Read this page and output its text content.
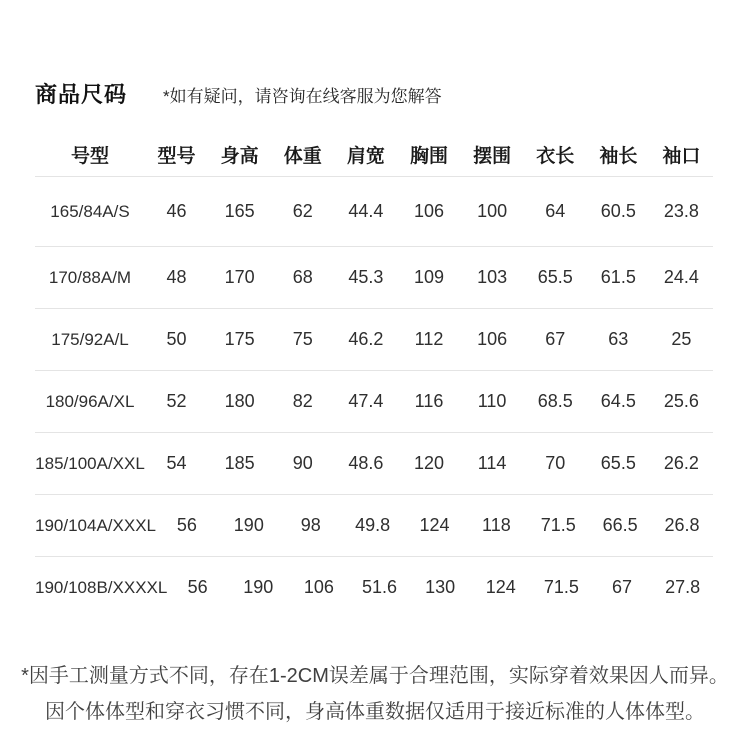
商品尺码 *如有疑问，请咨询在线客服为您解答
号型	型号	身高	体重	肩宽	胸围	摆围	衣长	袖长	袖口
165/84A/S	46	165	62	44.4	106	100	64	60.5	23.8
170/88A/M	48	170	68	45.3	109	103	65.5	61.5	24.4
175/92A/L	50	175	75	46.2	112	106	67	63	25
180/96A/XL	52	180	82	47.4	116	110	68.5	64.5	25.6
185/100A/XXL	54	185	90	48.6	120	114	70	65.5	26.2
190/104A/XXXL	56	190	98	49.8	124	118	71.5	66.5	26.8
190/108B/XXXXL	56	190	106	51.6	130	124	71.5	67	27.8
*因手工测量方式不同，存在1-2CM误差属于合理范围，实际穿着效果因人而异。
因个体体型和穿衣习惯不同，身高体重数据仅适用于接近标准的人体体型。
